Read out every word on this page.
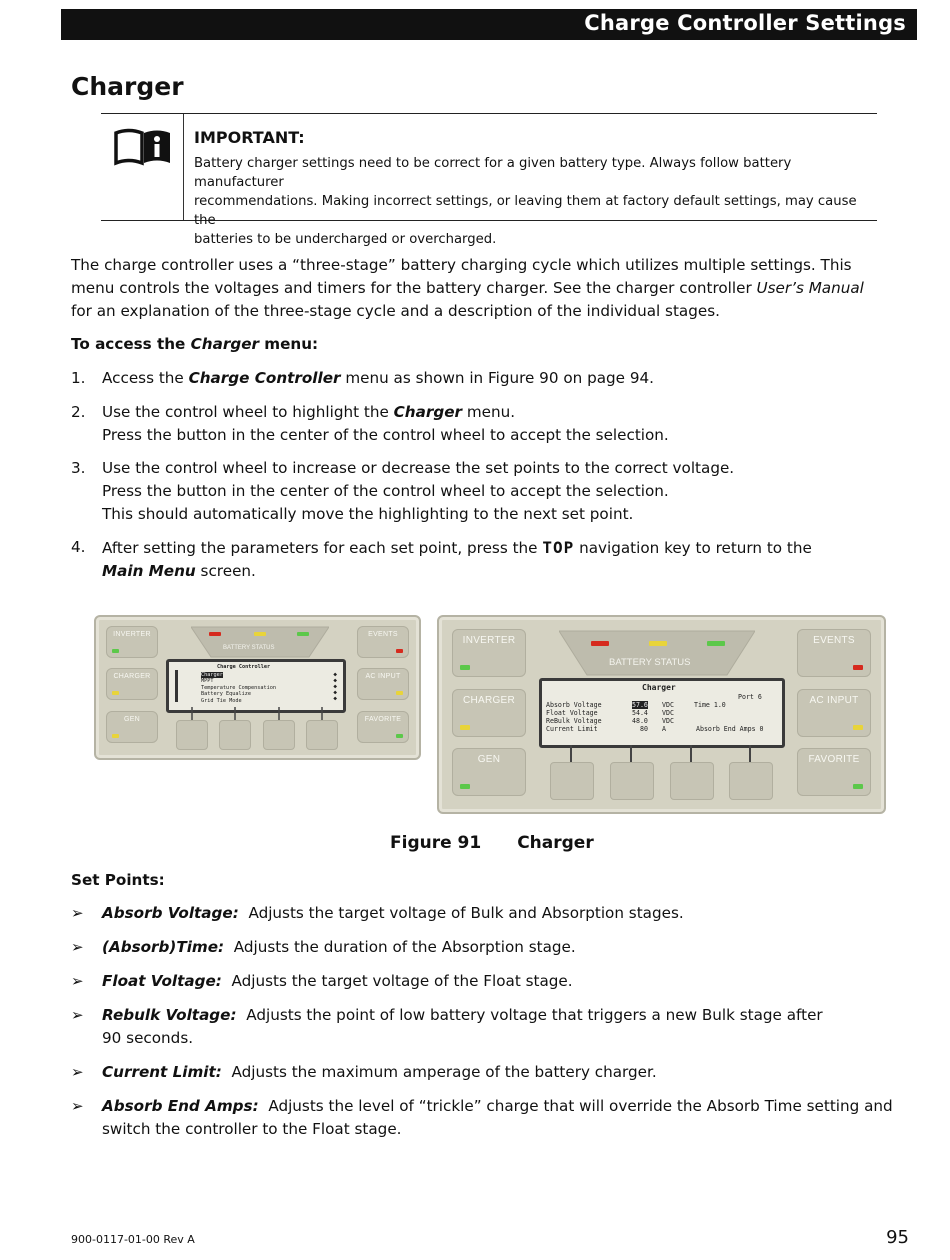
Charge Controller Settings
Charger
IMPORTANT:
Battery charger settings need to be correct for a given battery type. Always follow battery manufacturer
recommendations. Making incorrect settings, or leaving them at factory default settings, may cause the
batteries to be undercharged or overcharged.
The charge controller uses a “three-stage” battery charging cycle which utilizes multiple settings. This
menu controls the voltages and timers for the battery charger. See the charger controller User’s Manual
for an explanation of the three-stage cycle and a description of the individual stages.
To access the Charger menu:
1. Access the Charge Controller menu as shown in Figure 90 on page 94.
2. Use the control wheel to highlight the Charger menu.
Press the button in the center of the control wheel to accept the selection.
3. Use the control wheel to increase or decrease the set points to the correct voltage.
Press the button in the center of the control wheel to accept the selection.
This should automatically move the highlighting to the next set point.
4. After setting the parameters for each set point, press the TOP navigation key to return to the
Main Menu screen.
INVERTER
CHARGER
GEN
EVENTS
AC INPUT
FAVORITE
BATTERY STATUS
Charge Controller
Charger
MPPT
Temperature Compensation
Battery Equalize
Grid Tie Mode
◆
◆
◆
◆
◆
INVERTER
CHARGER
GEN
EVENTS
AC INPUT
FAVORITE
BATTERY STATUS
Charger
Port 6
Absorb Voltage	57.6 VDC	Time 1.0
Float Voltage	54.4 VDC
ReBulk Voltage	48.0 VDC
Current Limit	80 A	Absorb End Amps 0
Figure 91 Charger
Set Points:
➢ Absorb Voltage: Adjusts the target voltage of Bulk and Absorption stages.
➢ (Absorb)Time: Adjusts the duration of the Absorption stage.
➢ Float Voltage: Adjusts the target voltage of the Float stage.
➢ Rebulk Voltage: Adjusts the point of low battery voltage that triggers a new Bulk stage after
90 seconds.
➢ Current Limit: Adjusts the maximum amperage of the battery charger.
➢ Absorb End Amps: Adjusts the level of “trickle” charge that will override the Absorb Time setting and
switch the controller to the Float stage.
900-0117-01-00 Rev A	95
